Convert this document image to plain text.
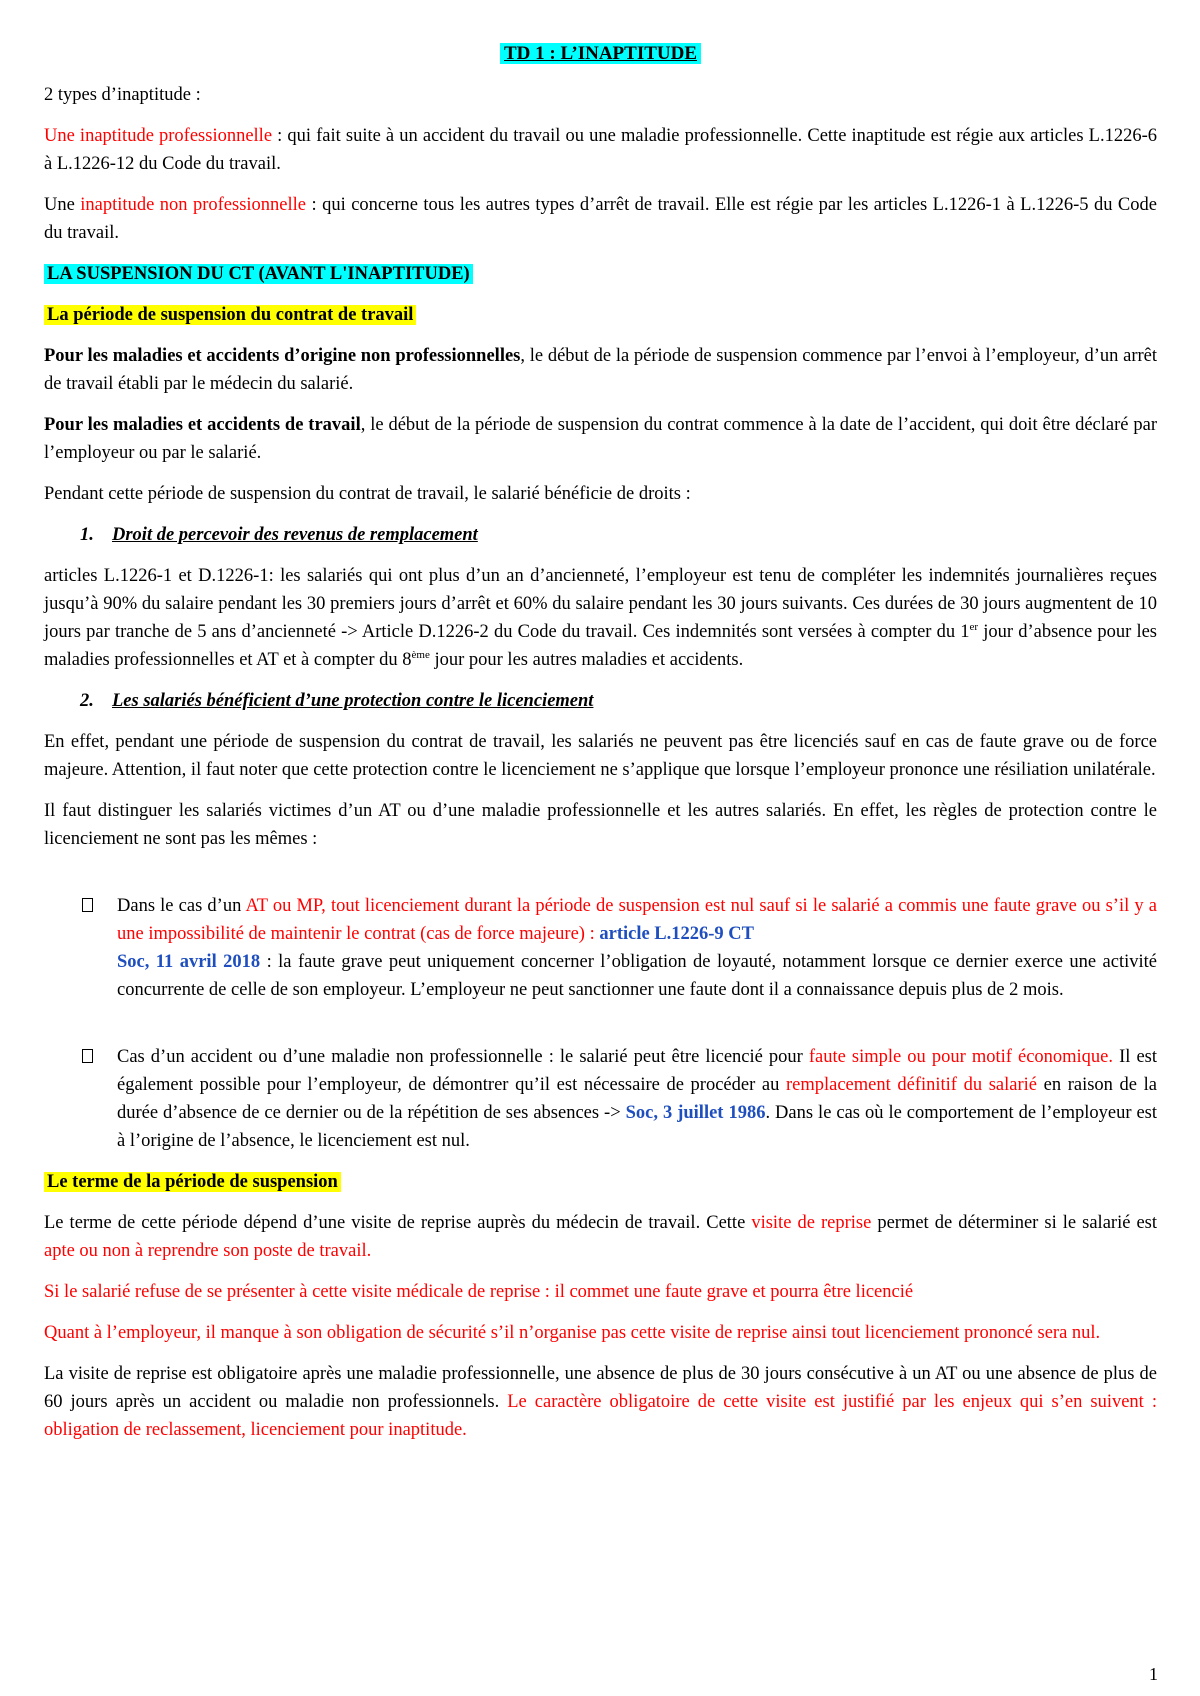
TD 1 : L’INAPTITUDE

2 types d’inaptitude :

Une inaptitude professionnelle : qui fait suite à un accident du travail ou une maladie professionnelle. Cette inaptitude est régie aux articles L.1226-6 à L.1226-12 du Code du travail.

Une inaptitude non professionnelle : qui concerne tous les autres types d’arrêt de travail. Elle est régie par les articles L.1226-1 à L.1226-5 du Code du travail.

LA SUSPENSION DU CT (AVANT L'INAPTITUDE)

La période de suspension du contrat de travail

Pour les maladies et accidents d’origine non professionnelles, le début de la période de suspension commence par l’envoi à l’employeur, d’un arrêt de travail établi par le médecin du salarié.

Pour les maladies et accidents de travail, le début de la période de suspension du contrat commence à la date de l’accident, qui doit être déclaré par l’employeur ou par le salarié.

Pendant cette période de suspension du contrat de travail, le salarié bénéficie de droits :

1. Droit de percevoir des revenus de remplacement

articles L.1226-1 et D.1226-1: les salariés qui ont plus d’un an d’ancienneté, l’employeur est tenu de compléter les indemnités journalières reçues jusqu’à 90% du salaire pendant les 30 premiers jours d’arrêt et 60% du salaire pendant les 30 jours suivants. Ces durées de 30 jours augmentent de 10 jours par tranche de 5 ans d’ancienneté -> Article D.1226-2 du Code du travail. Ces indemnités sont versées à compter du 1er jour d’absence pour les maladies professionnelles et AT et à compter du 8ème jour pour les autres maladies et accidents.

2. Les salariés bénéficient d’une protection contre le licenciement

En effet, pendant une période de suspension du contrat de travail, les salariés ne peuvent pas être licenciés sauf en cas de faute grave ou de force majeure. Attention, il faut noter que cette protection contre le licenciement ne s’applique que lorsque l’employeur prononce une résiliation unilatérale.

Il faut distinguer les salariés victimes d’un AT ou d’une maladie professionnelle et les autres salariés. En effet, les règles de protection contre le licenciement ne sont pas les mêmes :

Dans le cas d’un AT ou MP, tout licenciement durant la période de suspension est nul sauf si le salarié a commis une faute grave ou s’il y a une impossibilité de maintenir le contrat (cas de force majeure) : article L.1226-9 CT
Soc, 11 avril 2018 : la faute grave peut uniquement concerner l’obligation de loyauté, notamment lorsque ce dernier exerce une activité concurrente de celle de son employeur. L’employeur ne peut sanctionner une faute dont il a connaissance depuis plus de 2 mois.
Cas d’un accident ou d’une maladie non professionnelle : le salarié peut être licencié pour faute simple ou pour motif économique. Il est également possible pour l’employeur, de démontrer qu’il est nécessaire de procéder au remplacement définitif du salarié en raison de la durée d’absence de ce dernier ou de la répétition de ses absences -> Soc, 3 juillet 1986. Dans le cas où le comportement de l’employeur est à l’origine de l’absence, le licenciement est nul.

Le terme de la période de suspension

Le terme de cette période dépend d’une visite de reprise auprès du médecin de travail. Cette visite de reprise permet de déterminer si le salarié est apte ou non à reprendre son poste de travail.

Si le salarié refuse de se présenter à cette visite médicale de reprise : il commet une faute grave et pourra être licencié

Quant à l’employeur, il manque à son obligation de sécurité s’il n’organise pas cette visite de reprise ainsi tout licenciement prononcé sera nul.

La visite de reprise est obligatoire après une maladie professionnelle, une absence de plus de 30 jours consécutive à un AT ou une absence de plus de 60 jours après un accident ou maladie non professionnels. Le caractère obligatoire de cette visite est justifié par les enjeux qui s’en suivent : obligation de reclassement, licenciement pour inaptitude.

1
